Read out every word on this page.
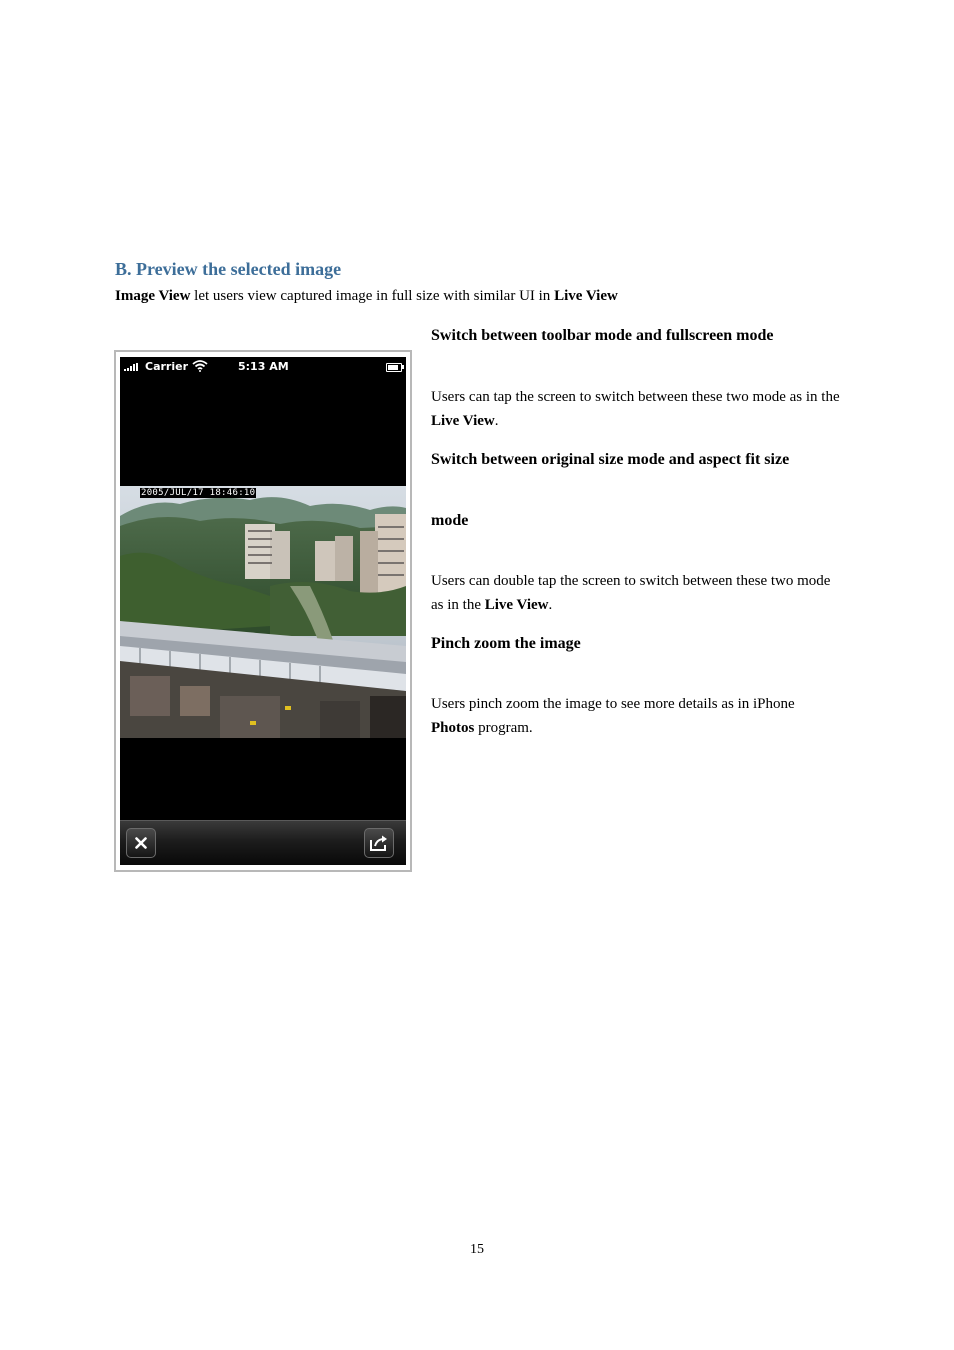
B. Preview the selected image
Image View let users view captured image in full size with similar UI in Live View
Carrier	5:13 AM
2005/JUL/17 18:46:10
Switch between toolbar mode and fullscreen mode
Users can tap the screen to switch between these two mode as in the Live View.
Switch between original size mode and aspect fit size
mode
Users can double tap the screen to switch between these two mode as in the Live View.
Pinch zoom the image
Users pinch zoom the image to see more details as in iPhone Photos program.
15
